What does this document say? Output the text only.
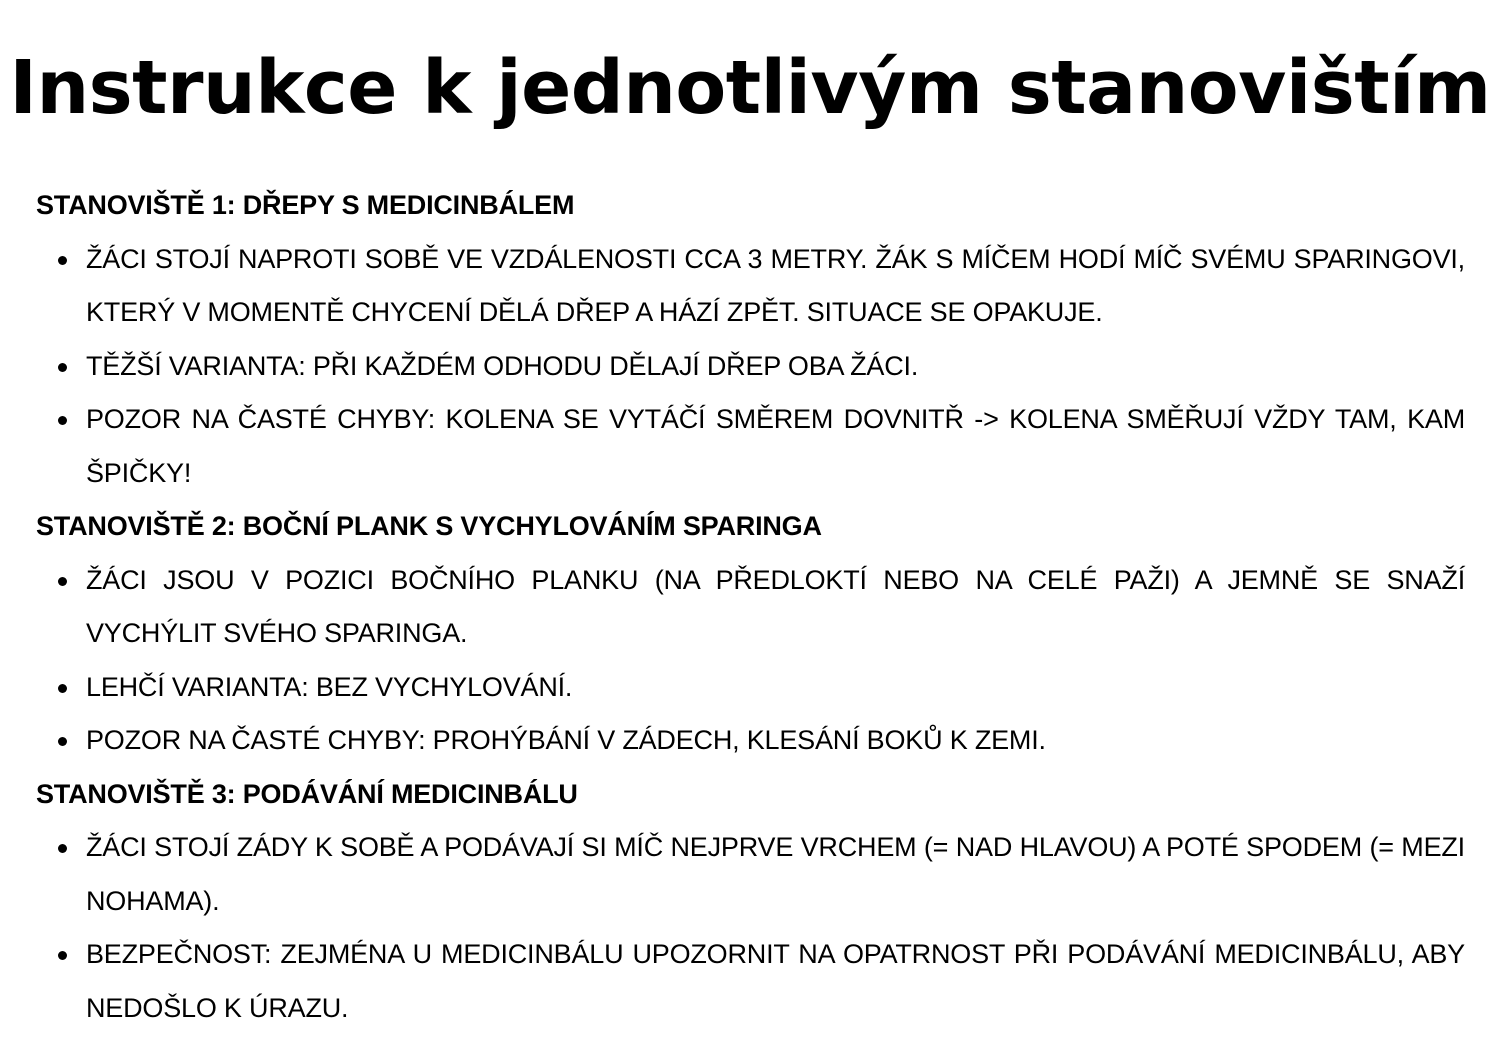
Instrukce k jednotlivým stanovištím
STANOVIŠTĚ 1: DŘEPY S MEDICINBÁLEM
ŽÁCI STOJÍ NAPROTI SOBĚ VE VZDÁLENOSTI CCA 3 METRY. ŽÁK S MÍČEM HODÍ MÍČ SVÉMU SPARINGOVI, KTERÝ V MOMENTĚ CHYCENÍ DĚLÁ DŘEP A HÁZÍ ZPĚT. SITUACE SE OPAKUJE.
TĚŽŠÍ VARIANTA: PŘI KAŽDÉM ODHODU DĚLAJÍ DŘEP OBA ŽÁCI.
POZOR NA ČASTÉ CHYBY: KOLENA SE VYTÁČÍ SMĚREM DOVNITŘ -> KOLENA SMĚŘUJÍ VŽDY TAM, KAM ŠPIČKY!
STANOVIŠTĚ 2: BOČNÍ PLANK S VYCHYLOVÁNÍM SPARINGA
ŽÁCI JSOU V POZICI BOČNÍHO PLANKU (NA PŘEDLOKTÍ NEBO NA CELÉ PAŽI) A JEMNĚ SE SNAŽÍ VYCHÝLIT SVÉHO SPARINGA.
LEHČÍ VARIANTA: BEZ VYCHYLOVÁNÍ.
POZOR NA ČASTÉ CHYBY: PROHÝBÁNÍ V ZÁDECH, KLESÁNÍ BOKŮ K ZEMI.
STANOVIŠTĚ 3: PODÁVÁNÍ MEDICINBÁLU
ŽÁCI STOJÍ ZÁDY K SOBĚ A PODÁVAJÍ SI MÍČ NEJPRVE VRCHEM (= NAD HLAVOU) A POTÉ SPODEM (= MEZI NOHAMA).
BEZPEČNOST: ZEJMÉNA U MEDICINBÁLU UPOZORNIT NA OPATRNOST PŘI PODÁVÁNÍ MEDICINBÁLU, ABY NEDOŠLO K ÚRAZU.
